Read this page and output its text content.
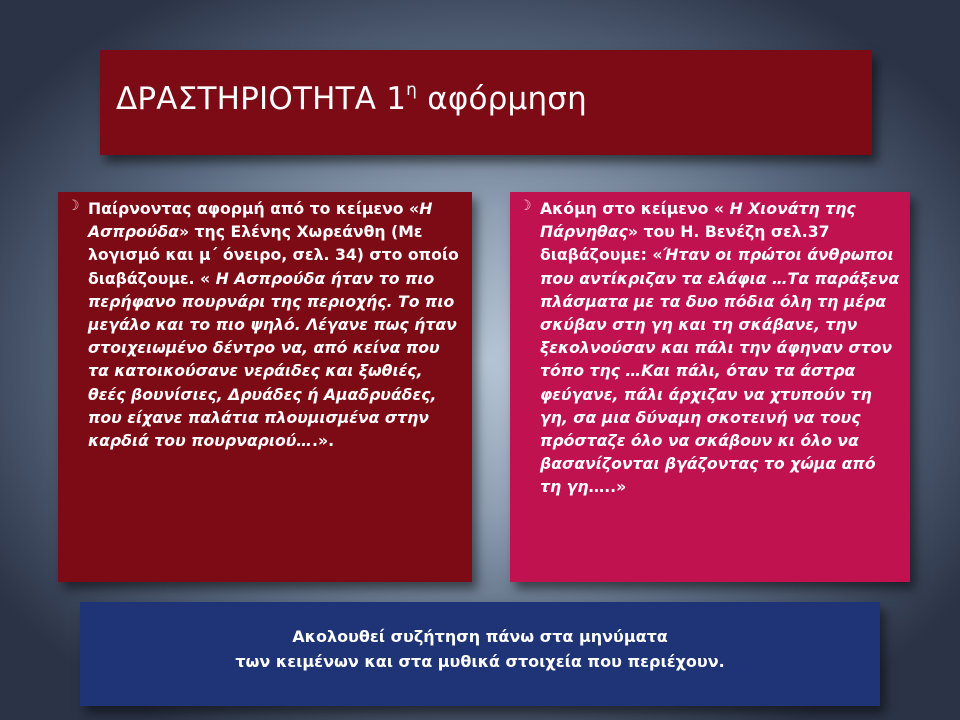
ΔΡΑΣΤΗΡΙΟΤΗΤΑ $1^\eta$ αφόρμηση
☽ Παίρνοντας αφορμή από το κείμενο «Η Ασπρούδα» της Ελένης Χωρεάνθη (Με λογισμό και μ΄ όνειρο, σελ. 34) στο οποίο διαβάζουμε. « Η Ασπρούδα ήταν το πιο περήφανο πουρνάρι της περιοχής. Το πιο μεγάλο και το πιο ψηλό. Λέγανε πως ήταν στοιχειωμένο δέντρο να, από κείνα που τα κατοικούσανε νεράιδες και ξωθιές, θεές βουνίσιες, Δρυάδες ή Αμαδρυάδες, που είχανε παλάτια πλουμισμένα στην καρδιά του πουρναριού….».
☽ Ακόμη στο κείμενο « Η Χιονάτη της Πάρνηθας» του Η. Βενέζη σελ.37 διαβάζουμε: «Ήταν οι πρώτοι άνθρωποι που αντίκριζαν τα ελάφια …Τα παράξενα πλάσματα με τα δυο πόδια όλη τη μέρα σκύβαν στη γη και τη σκάβανε, την ξεκολνούσαν και πάλι την άφηναν στον τόπο της …Και πάλι, όταν τα άστρα φεύγανε, πάλι άρχιζαν να χτυπούν τη γη, σα μια δύναμη σκοτεινή να τους πρόσταζε όλο να σκάβουν κι όλο να βασανίζονται βγάζοντας το χώμα από τη γη…..»
Ακολουθεί συζήτηση πάνω στα μηνύματα
των κειμένων και στα μυθικά στοιχεία που περιέχουν.
